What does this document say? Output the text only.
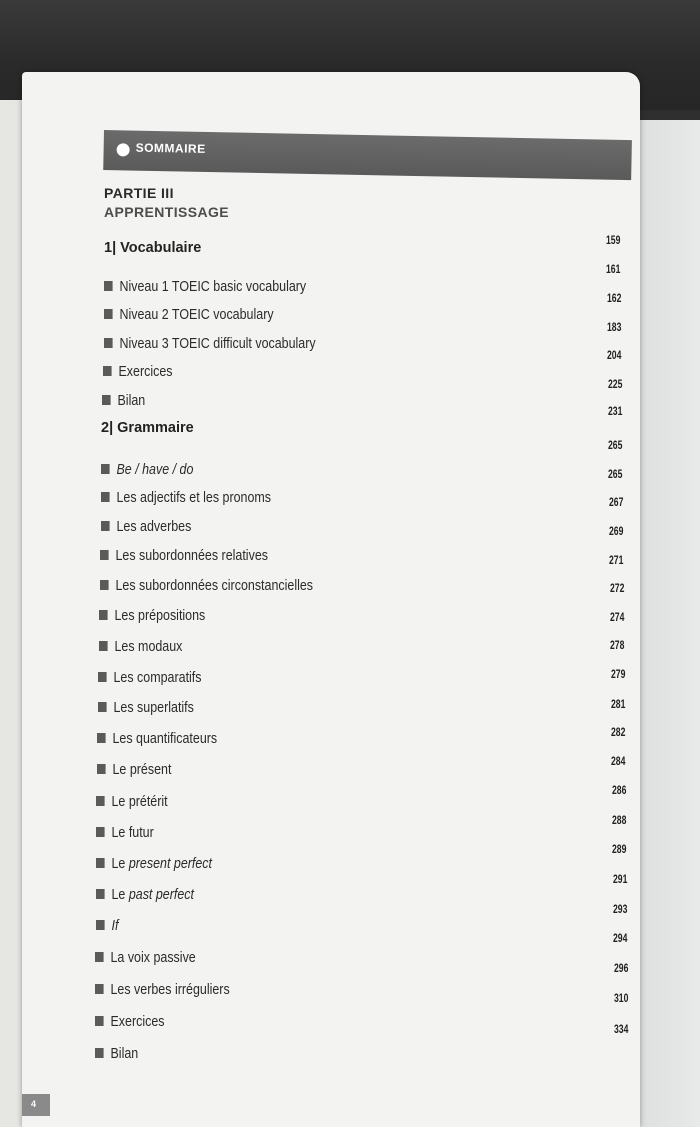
SOMMAIRE
PARTIE III
APPRENTISSAGE
1| Vocabulaire
Niveau 1 TOEIC basic vocabulary
Niveau 2 TOEIC vocabulary
Niveau 3 TOEIC difficult vocabulary
Exercices
Bilan
2| Grammaire
Be / have / do
Les adjectifs et les pronoms
Les adverbes
Les subordonnées relatives
Les subordonnées circonstancielles
Les prépositions
Les modaux
Les comparatifs
Les superlatifs
Les quantificateurs
Le présent
Le prétérit
Le futur
Le present perfect
Le past perfect
If
La voix passive
Les verbes irréguliers
Exercices
Bilan
159
161
162
183
204
225
231
265
265
267
269
271
272
274
278
279
281
282
284
286
288
289
291
293
294
296
310
334
4
